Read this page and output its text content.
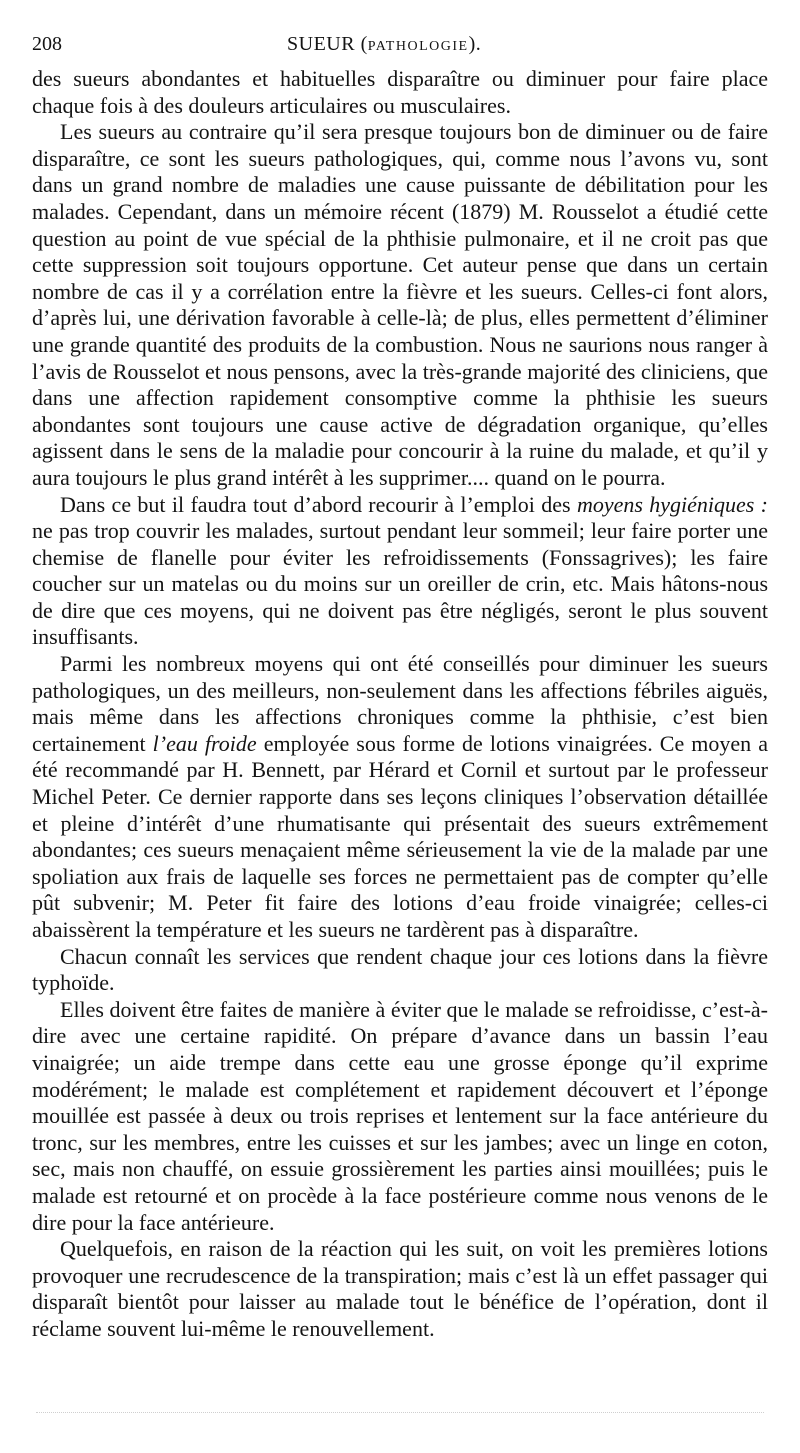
208	SUEUR (pathologie).

des sueurs abondantes et habituelles disparaître ou diminuer pour faire place chaque fois à des douleurs articulaires ou musculaires.

Les sueurs au contraire qu’il sera presque toujours bon de diminuer ou de faire disparaître, ce sont les sueurs pathologiques, qui, comme nous l’avons vu, sont dans un grand nombre de maladies une cause puissante de débilitation pour les malades. Cependant, dans un mémoire récent (1879) M. Rousselot a étudié cette question au point de vue spécial de la phthisie pulmonaire, et il ne croit pas que cette suppression soit toujours opportune. Cet auteur pense que dans un certain nombre de cas il y a corrélation entre la fièvre et les sueurs. Celles-ci font alors, d’après lui, une dérivation favorable à celle-là; de plus, elles permettent d’éliminer une grande quantité des produits de la combustion. Nous ne saurions nous ranger à l’avis de Rousselot et nous pensons, avec la très-grande majorité des cliniciens, que dans une affection rapidement consomptive comme la phthisie les sueurs abondantes sont toujours une cause active de dégradation organique, qu’elles agissent dans le sens de la maladie pour concourir à la ruine du malade, et qu’il y aura toujours le plus grand intérêt à les supprimer.... quand on le pourra.

Dans ce but il faudra tout d’abord recourir à l’emploi des moyens hygiéniques : ne pas trop couvrir les malades, surtout pendant leur sommeil; leur faire porter une chemise de flanelle pour éviter les refroidissements (Fonssagrives); les faire coucher sur un matelas ou du moins sur un oreiller de crin, etc. Mais hâtons-nous de dire que ces moyens, qui ne doivent pas être négligés, seront le plus souvent insuffisants.

Parmi les nombreux moyens qui ont été conseillés pour diminuer les sueurs pathologiques, un des meilleurs, non-seulement dans les affections fébriles aiguës, mais même dans les affections chroniques comme la phthisie, c’est bien certainement l’eau froide employée sous forme de lotions vinaigrées. Ce moyen a été recommandé par H. Bennett, par Hérard et Cornil et surtout par le professeur Michel Peter. Ce dernier rapporte dans ses leçons cliniques l’observation détaillée et pleine d’intérêt d’une rhumatisante qui présentait des sueurs extrêmement abondantes; ces sueurs menaçaient même sérieusement la vie de la malade par une spoliation aux frais de laquelle ses forces ne permettaient pas de compter qu’elle pût subvenir; M. Peter fit faire des lotions d’eau froide vinaigrée; celles-ci abaissèrent la température et les sueurs ne tardèrent pas à disparaître.

Chacun connaît les services que rendent chaque jour ces lotions dans la fièvre typhoïde.

Elles doivent être faites de manière à éviter que le malade se refroidisse, c’est-à-dire avec une certaine rapidité. On prépare d’avance dans un bassin l’eau vinaigrée; un aide trempe dans cette eau une grosse éponge qu’il exprime modérément; le malade est complétement et rapidement découvert et l’éponge mouillée est passée à deux ou trois reprises et lentement sur la face antérieure du tronc, sur les membres, entre les cuisses et sur les jambes; avec un linge en coton, sec, mais non chauffé, on essuie grossièrement les parties ainsi mouillées; puis le malade est retourné et on procède à la face postérieure comme nous venons de le dire pour la face antérieure.

Quelquefois, en raison de la réaction qui les suit, on voit les premières lotions provoquer une recrudescence de la transpiration; mais c’est là un effet passager qui disparaît bientôt pour laisser au malade tout le bénéfice de l’opération, dont il réclame souvent lui-même le renouvellement.
